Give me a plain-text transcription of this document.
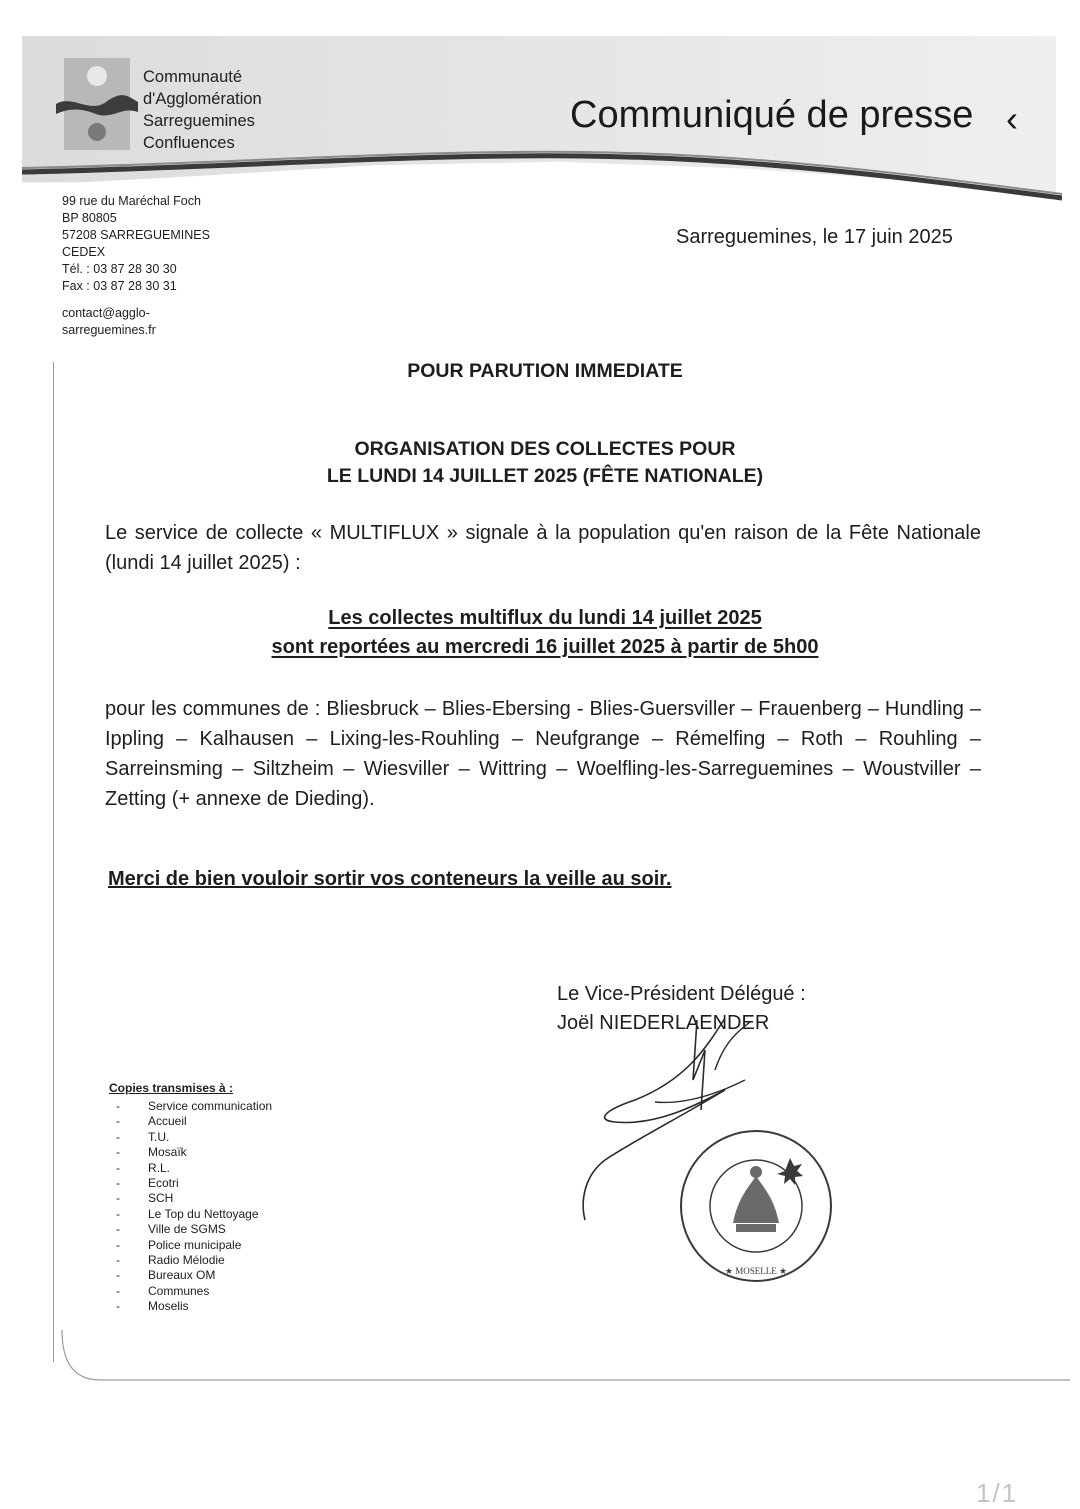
Communauté
d'Agglomération
Sarreguemines
Confluences
Communiqué de presse ‹
99 rue du Maréchal Foch
BP 80805
57208 SARREGUEMINES
CEDEX
Tél. : 03 87 28 30 30
Fax : 03 87 28 30 31
contact@agglo-
sarreguemines.fr
Sarreguemines, le 17 juin 2025
POUR PARUTION IMMEDIATE
ORGANISATION DES COLLECTES POUR
LE LUNDI 14 JUILLET 2025 (FÊTE NATIONALE)
Le service de collecte « MULTIFLUX » signale à la population qu'en raison de la Fête Nationale (lundi 14 juillet 2025) :
Les collectes multiflux du lundi 14 juillet 2025
sont reportées au mercredi 16 juillet 2025 à partir de 5h00
pour les communes de : Bliesbruck – Blies-Ebersing - Blies-Guersviller – Frauenberg – Hundling – Ippling – Kalhausen – Lixing-les-Rouhling – Neufgrange – Rémelfing – Roth – Rouhling – Sarreinsming – Siltzheim – Wiesviller – Wittring – Woelfling-les-Sarreguemines – Woustviller – Zetting (+ annexe de Dieding).
Merci de bien vouloir sortir vos conteneurs la veille au soir.
Le Vice-Président Délégué :
Joël NIEDERLAENDER
★ MOSELLE ★
Copies transmises à :
- Service communication
- Accueil
- T.U.
- Mosaïk
- R.L.
- Ecotri
- SCH
- Le Top du Nettoyage
- Ville de SGMS
- Police municipale
- Radio Mélodie
- Bureaux OM
- Communes
- Moselis
1/1
